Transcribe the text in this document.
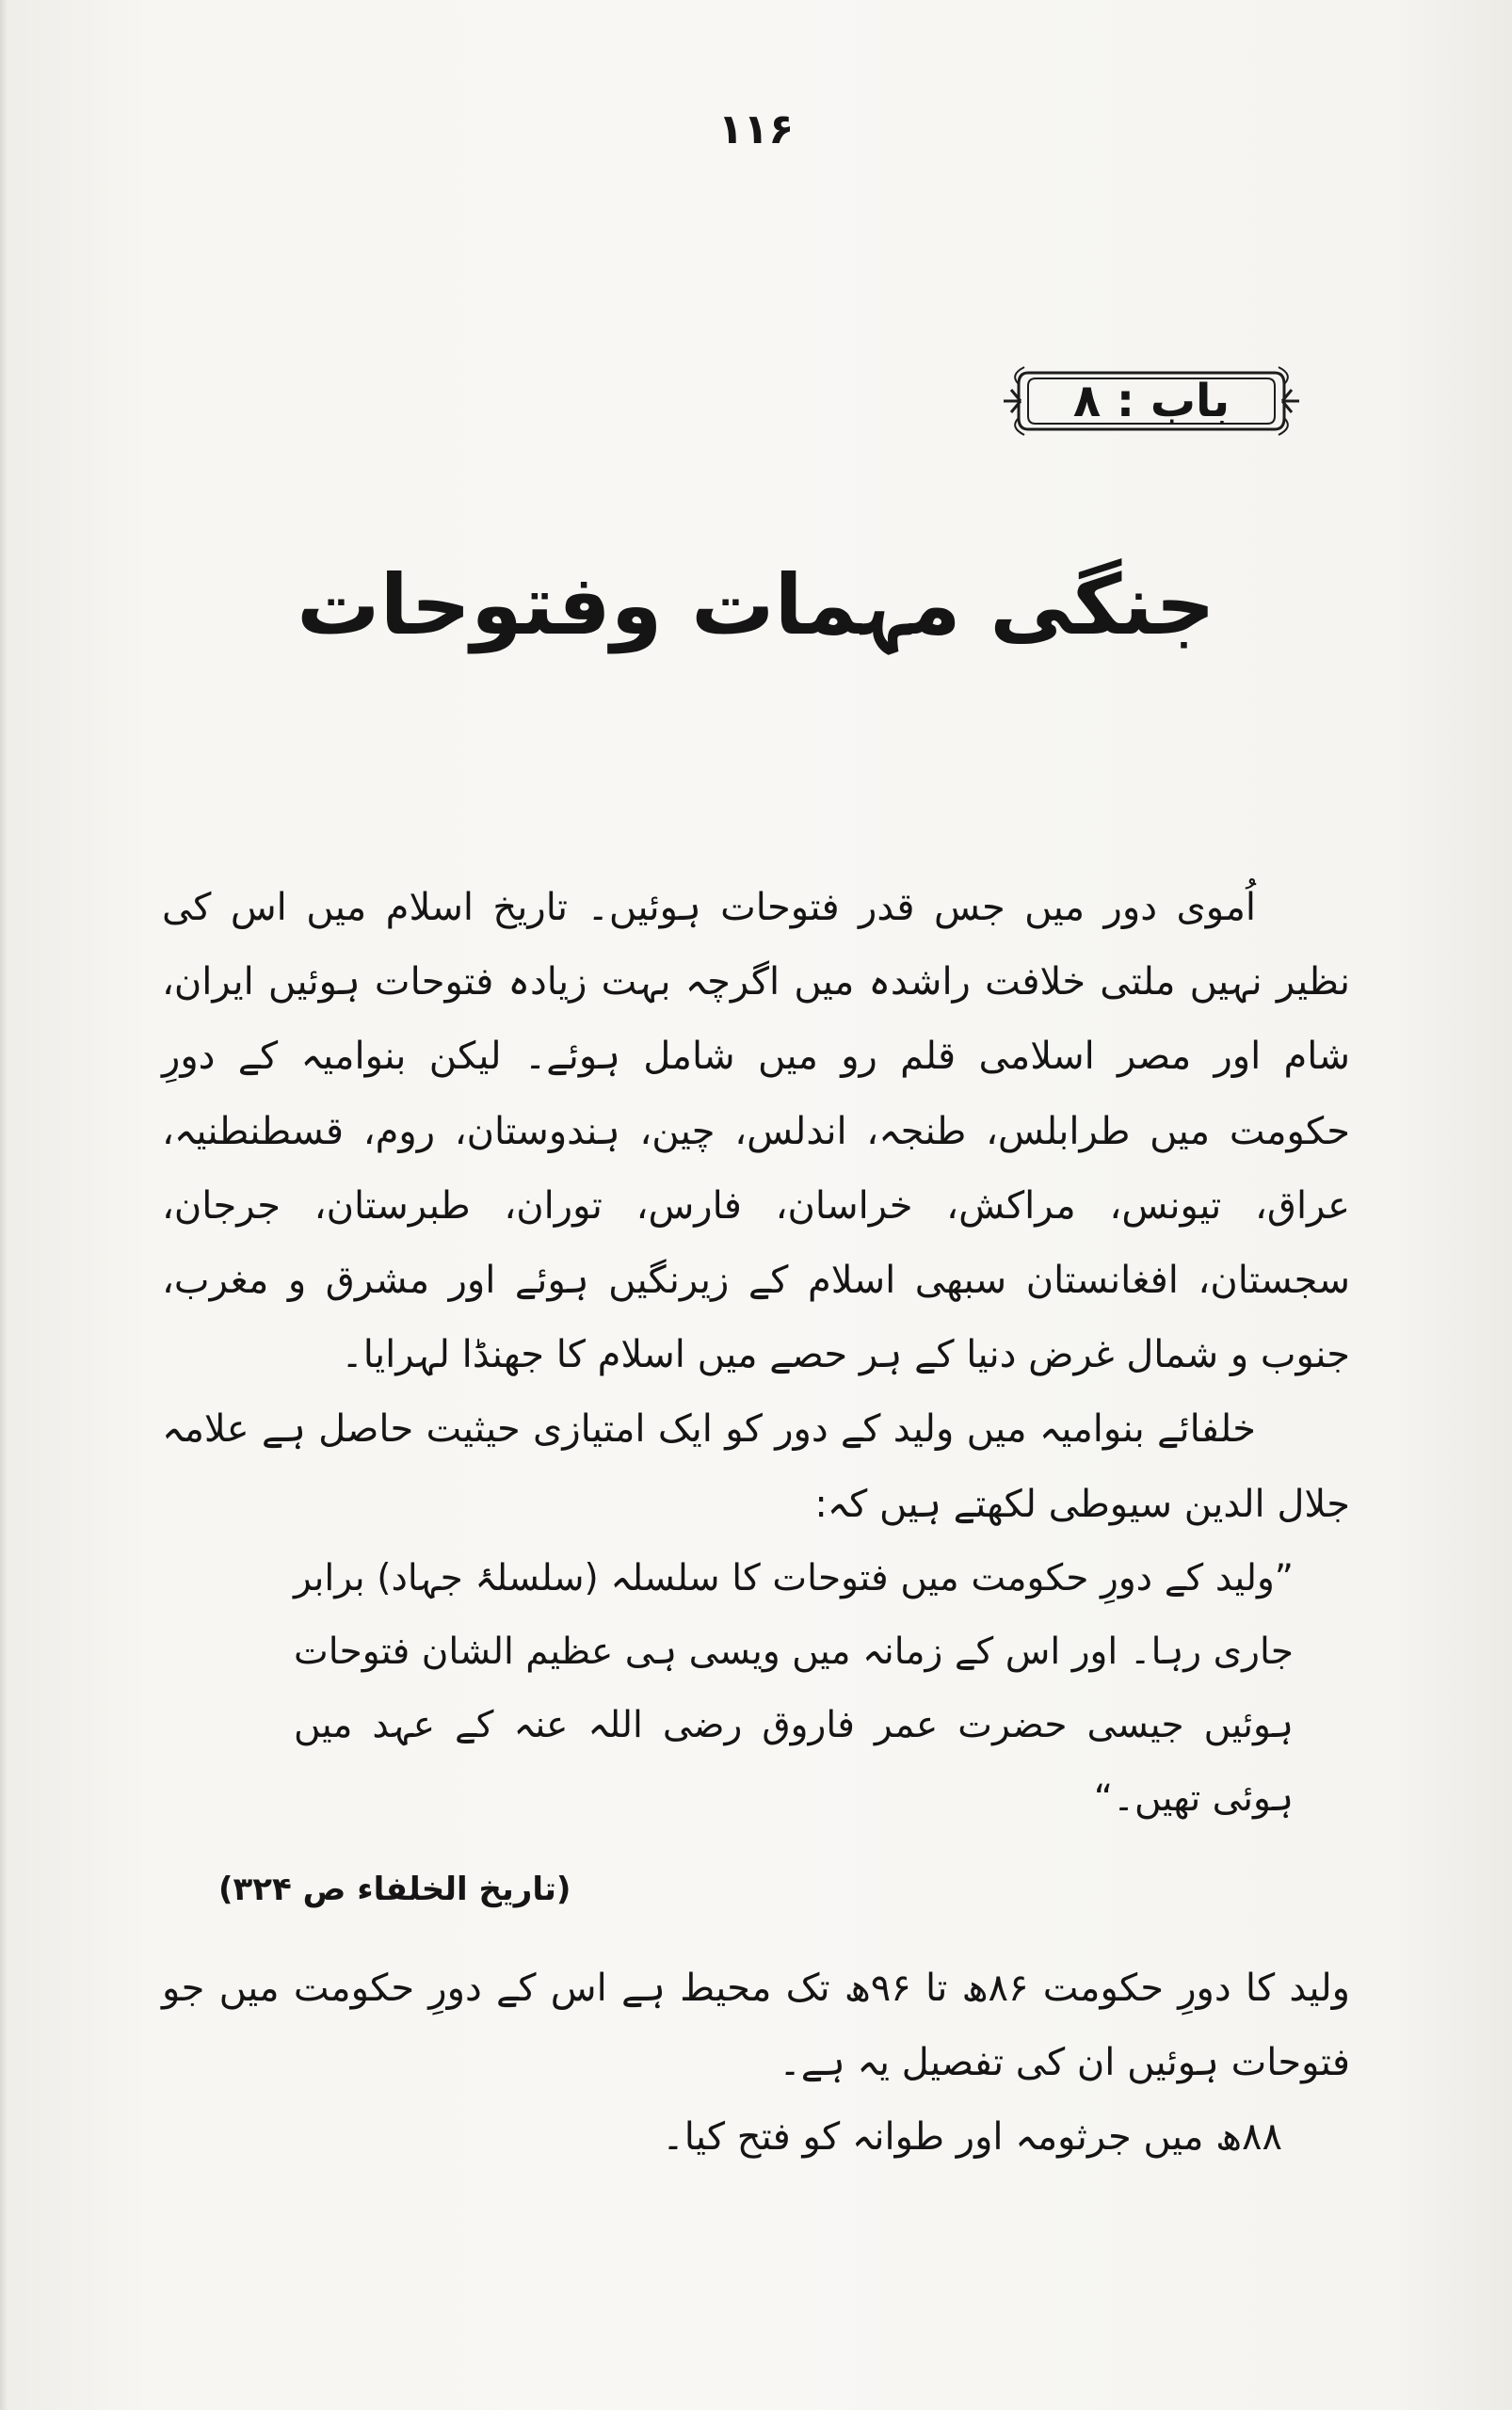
۱۱۶
باب : ۸
جنگی مہمات وفتوحات

اُموی دور میں جس قدر فتوحات ہوئیں۔ تاریخ اسلام میں اس کی نظیر نہیں ملتی خلافت راشدہ میں اگرچہ بہت زیادہ فتوحات ہوئیں ایران، شام اور مصر اسلامی قلم رو میں شامل ہوئے۔ لیکن بنوامیہ کے دورِ حکومت میں طرابلس، طنجہ، اندلس، چین، ہندوستان، روم، قسطنطنیہ، عراق، تیونس، مراکش، خراسان، فارس، توران، طبرستان، جرجان، سجستان، افغانستان سبھی اسلام کے زیرنگیں ہوئے اور مشرق و مغرب، جنوب و شمال غرض دنیا کے ہر حصے میں اسلام کا جھنڈا لہرایا۔

خلفائے بنوامیہ میں ولید کے دور کو ایک امتیازی حیثیت حاصل ہے علامہ جلال الدین سیوطی لکھتے ہیں کہ:

”ولید کے دورِ حکومت میں فتوحات کا سلسلہ (سلسلۂ جہاد) برابر جاری رہا۔ اور اس کے زمانہ میں ویسی ہی عظیم الشان فتوحات ہوئیں جیسی حضرت عمر فاروق رضی اللہ عنہ کے عہد میں ہوئی تھیں۔“

(تاریخ الخلفاء ص ۳۲۴)

ولید کا دورِ حکومت ۸۶ھ تا ۹۶ھ تک محیط ہے اس کے دورِ حکومت میں جو فتوحات ہوئیں ان کی تفصیل یہ ہے۔

۸۸ھ میں جرثومہ اور طوانہ کو فتح کیا۔
